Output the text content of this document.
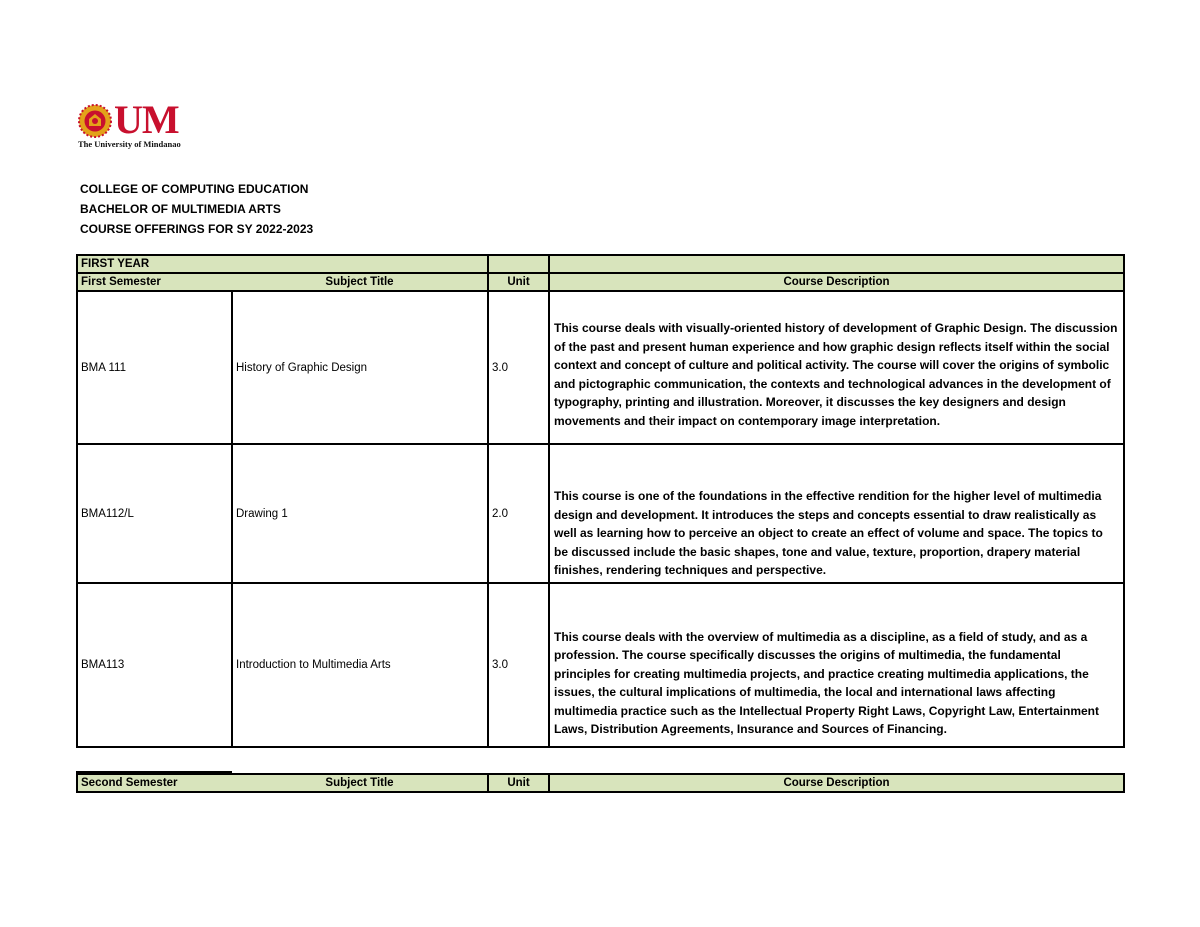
UM
The University of Mindanao
COLLEGE OF COMPUTING EDUCATION
BACHELOR OF MULTIMEDIA ARTS
COURSE OFFERINGS FOR SY 2022-2023
FIRST YEAR			
First Semester	Subject Title	Unit	Course Description
BMA 111	History of Graphic Design	3.0	This course deals with visually-oriented history of development of Graphic Design. The discussion of the past and present human experience and how graphic design reflects itself within the social context and concept of culture and political activity. The course will cover the origins of symbolic and pictographic communication, the contexts and technological advances in the development of typography, printing and illustration. Moreover, it discusses the key designers and design movements and their impact on contemporary image interpretation.

BMA112/L	Drawing 1	2.0	This course is one of the foundations in the effective rendition for the higher level of multimedia design and development. It introduces the steps and concepts essential to draw realistically as well as learning how to perceive an object to create an effect of volume and space. The topics to be discussed include the basic shapes, tone and value, texture, proportion, drapery material finishes, rendering techniques and perspective.

BMA113	Introduction to Multimedia Arts	3.0	This course deals with the overview of multimedia as a discipline, as a field of study, and as a profession. The course specifically discusses the origins of multimedia, the fundamental principles for creating multimedia projects, and practice creating multimedia applications, the issues, the cultural implications of multimedia, the local and international laws affecting multimedia practice such as the Intellectual Property Right Laws, Copyright Law, Entertainment Laws, Distribution Agreements, Insurance and Sources of Financing.
Second Semester	Subject Title	Unit	Course Description
